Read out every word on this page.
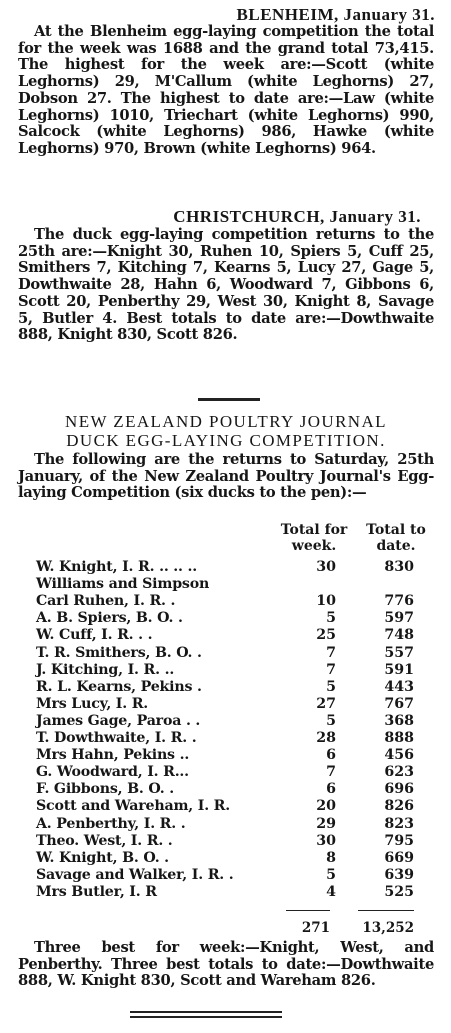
BLENHEIM, January 31.

At the Blenheim egg-laying competition the total for the week was 1688 and the grand total 73,415. The highest for the week are:—Scott (white Leghorns) 29, M'Callum (white Leghorns) 27, Dobson 27. The highest to date are:—Law (white Leghorns) 1010, Triechart (white Leghorns) 990, Salcock (white Leghorns) 986, Hawke (white Leghorns) 970, Brown (white Leghorns) 964.

CHRISTCHURCH, January 31.

The duck egg-laying competition returns to the 25th are:—Knight 30, Ruhen 10, Spiers 5, Cuff 25, Smithers 7, Kitching 7, Kearns 5, Lucy 27, Gage 5, Dowthwaite 28, Hahn 6, Woodward 7, Gibbons 6, Scott 20, Penberthy 29, West 30, Knight 8, Savage 5, Butler 4. Best totals to date are:—Dowthwaite 888, Knight 830, Scott 826.

NEW ZEALAND POULTRY JOURNAL

DUCK EGG-LAYING COMPETITION.

The following are the returns to Saturday, 25th January, of the New Zealand Poultry Journal's Egg-laying Competition (six ducks to the pen):—

Total for
week.
Total to
date.
W. Knight, I. R. .. .. ..	30	830
Williams and Simpson
Carl Ruhen, I. R. .	10	776
A. B. Spiers, B. O. .	5	597
W. Cuff, I. R. . .	25	748
T. R. Smithers, B. O. .	7	557
J. Kitching, I. R. ..	7	591
R. L. Kearns, Pekins .	5	443
Mrs Lucy, I. R.	27	767
James Gage, Paroa . .	5	368
T. Dowthwaite, I. R. .	28	888
Mrs Hahn, Pekins ..	6	456
G. Woodward, I. R...	7	623
F. Gibbons, B. O. .	6	696
Scott and Wareham, I. R.	20	826
A. Penberthy, I. R. .	29	823
Theo. West, I. R. .	30	795
W. Knight, B. O. .	8	669
Savage and Walker, I. R. .	5	639
Mrs Butler, I. R	4	525
271 13,252

Three best for week:—Knight, West, and Penberthy. Three best totals to date:—Dowthwaite 888, W. Knight 830, Scott and Wareham 826.
